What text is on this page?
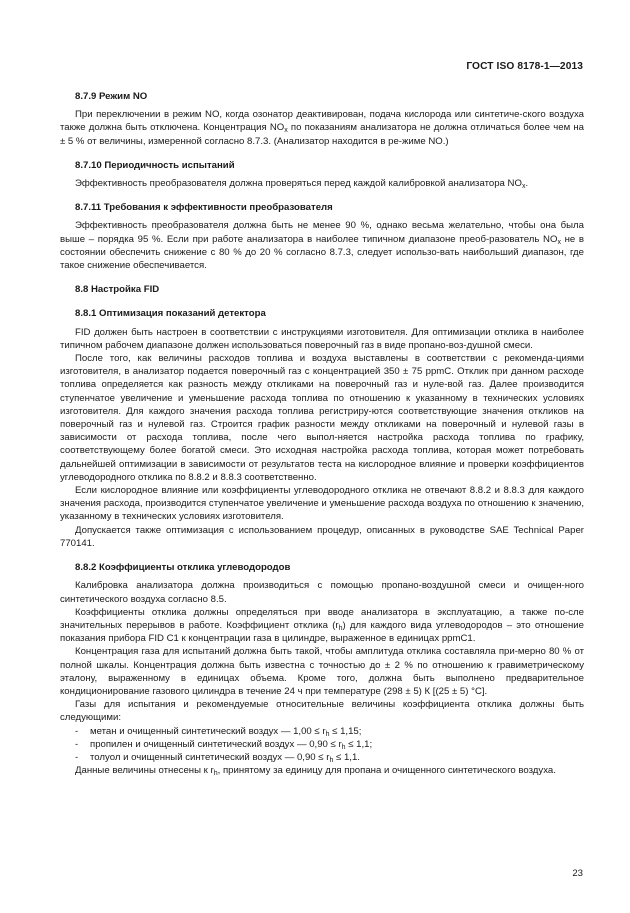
ГОСТ ISO 8178-1—2013
8.7.9 Режим NO

При переключении в режим NO, когда озонатор деактивирован, подача кислорода или синтетиче-ского воздуха также должна быть отключена. Концентрация $NO_x$ по показаниям анализатора не должна отличаться более чем на ± 5 % от величины, измеренной согласно 8.7.3. (Анализатор находится в ре-жиме NO.)

8.7.10 Периодичность испытаний

Эффективность преобразователя должна проверяться перед каждой калибровкой анализатора $NO_x$.

8.7.11 Требования к эффективности преобразователя

Эффективность преобразователя должна быть не менее 90 %, однако весьма желательно, чтобы она была выше – порядка 95 %. Если при работе анализатора в наиболее типичном диапазоне преоб-разователь $NO_x$ не в состоянии обеспечить снижение с 80 % до 20 % согласно 8.7.3, следует использо-вать наибольший диапазон, где такое снижение обеспечивается.

8.8 Настройка FID
8.8.1 Оптимизация показаний детектора

FID должен быть настроен в соответствии с инструкциями изготовителя. Для оптимизации отклика в наиболее типичном рабочем диапазоне должен использоваться поверочный газ в виде пропано-воз-душной смеси.

После того, как величины расходов топлива и воздуха выставлены в соответствии с рекоменда-циями изготовителя, в анализатор подается поверочный газ с концентрацией 350 ± 75 ppmC. Отклик при данном расходе топлива определяется как разность между откликами на поверочный газ и нуле-вой газ. Далее производится ступенчатое увеличение и уменьшение расхода топлива по отношению к указанному в технических условиях изготовителя. Для каждого значения расхода топлива регистриру-ются соответствующие значения откликов на поверочный газ и нулевой газ. Строится график разности между откликами на поверочный и нулевой газы в зависимости от расхода топлива, после чего выпол-няется настройка расхода топлива по графику, соответствующему более богатой смеси. Это исходная настройка расхода топлива, которая может потребовать дальнейшей оптимизации в зависимости от результатов теста на кислородное влияние и проверки коэффициентов углеводородного отклика по 8.8.2 и 8.8.3 соответственно.

Если кислородное влияние или коэффициенты углеводородного отклика не отвечают 8.8.2 и 8.8.3 для каждого значения расхода, производится ступенчатое увеличение и уменьшение расхода воздуха по отношению к значению, указанному в технических условиях изготовителя.

Допускается также оптимизация с использованием процедур, описанных в руководстве SAE Technical Paper 770141.

8.8.2 Коэффициенты отклика углеводородов

Калибровка анализатора должна производиться с помощью пропано-воздушной смеси и очищен-ного синтетического воздуха согласно 8.5.

Коэффициенты отклика должны определяться при вводе анализатора в эксплуатацию, а также по-сле значительных перерывов в работе. Коэффициент отклика $(r_h)$ для каждого вида углеводородов – это отношение показания прибора FID C1 к концентрации газа в цилиндре, выраженное в единицах ppmC1.

Концентрация газа для испытаний должна быть такой, чтобы амплитуда отклика составляла при-мерно 80 % от полной шкалы. Концентрация должна быть известна с точностью до ± 2 % по отношению к гравиметрическому эталону, выраженному в единицах объема. Кроме того, должна быть выполнено предварительное кондиционирование газового цилиндра в течение 24 ч при температуре (298 ± 5) К [(25 ± 5) °С].

Газы для испытания и рекомендуемые относительные величины коэффициента отклика должны быть следующими:

- метан и очищенный синтетический воздух — $1,00 \le r_h \le 1,15$;
- пропилен и очищенный синтетический воздух — $0,90 \le r_h \le 1,1$;
- толуол и очищенный синтетический воздух — $0,90 \le r_h \le 1,1$.

Данные величины отнесены к $r_h$, принятому за единицу для пропана и очищенного синтетического воздуха.

23
